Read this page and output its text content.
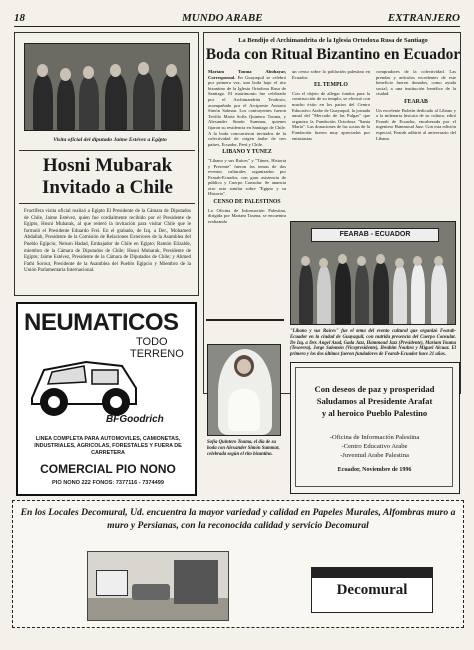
18	MUNDO ARABE	EXTRANJERO
Visita oficial del diputado Jaime Estévez a Egipto
Hosni Mubarak
Invitado a Chile
Fructífera visita oficial realizó a Egipto El Presidente de la Cámara de Diputados de Chile, Jaime Estévez, quien fue cordialmente recibido por el Presidente de Egipto, Hosni Mubarak, al que reiteró la invitación para visitar Chile que le formuló el Presidente Eduardo Frei. En el grabado, de Izq. a Der., Mohamed Abdallah, Presidente de la Comisión de Relaciones Exteriores de la Asamblea del Pueblo Egipcio; Nelson Hadad, Embajador de Chile en Egipto; Ramón Elizalde, miembro de la Cámara de Diputados de Chile; Hosni Mubarak, Presidente de Egipto; Jaime Estévez, Presidente de la Cámara de Diputados de Chile; y Ahmed Fathi Sorour, Presidente de la Asamblea del Pueblo Egipcio y Miembro de la Unión Parlamentaria Internacional.
NEUMATICOS
TODO
TERRENO
BFGoodrich
LINEA COMPLETA PARA AUTOMOVILES, CAMIONETAS, INDUSTRIALES, AGRICOLAS, FORESTALES Y FUERA DE CARRETERA
COMERCIAL PIO NONO
PIO NONO 222 FONOS: 7377116 - 7374499
La Bendijo el Archimandrita de la Iglesia Ortodoxa Rusa de Santiago
Boda con Ritual Bizantino en Ecuador

Mariam Touma Abuhayar, Corresponsal. En Guayaquil se celebró por primera vez, una boda bajo el rito bizantino de la Iglesia Ortodoxa Rusa de Santiago. El matrimonio fue celebrado por el Archimandrita Teodosio, acompañado por el Arcipreste Antonio Simón Salman. Los contrayentes fueron Teófilo María Sofía Quintero Touma, y Alexander Simón Summar, quienes fijaron su residencia en Santiago de Chile. A la boda concurrieron invitados de la colectividad de origen árabe de tres países, Ecuador, Perú y Chile.

LIBANO Y TUNEZ

"Líbano y sus Raíces" y "Túnez, Historia y Presente" fueron los temas de dos eventos culturales organizados por Fearab-Ecuador, con gran asistencia de público y Cuerpo Consular. Se anuncia otro acto similar sobre "Egipto y su Historia".

CENSO DE PALESTINOS

La Oficina de Información Palestina, dirigida por Mariam Touma, se encuentra realizando

un censo sobre la población palestina en Ecuador.

EL TEMPLO

Con el objeto de allegar fondos para la construcción de su templo, se efectuó con mucho éxito en los patios del Centro Educativo Arabe de Guayaquil, la jornada anual del "Mercado de las Pulgas" que organiza la Fundación Ortodoxa "Santa María". Las donaciones de las socias de la Fundación fueron muy apreciadas por entusiastas

compradores de la colectividad. Las prendas y artículos excedentes de este beneficio fueron donados, como ayuda social, a una institución benéfica de la ciudad.

FEARAB

Un excelente Boletín dedicado al Líbano y a la milenaria historia de su cultura, editó Fearab de Ecuador, encabezada por el ingeniero Hammoud Jazz. Con esta edición especial, Fearab adhirió al aniversario del Líbano.

FEARAB - ECUADOR
"Líbano y sus Raíces" fue el tema del evento cultural que organizó Fearab-Ecuador en la ciudad de Guayaquil, con nutrida presencia del Cuerpo Consular. De Izq. a Der. Angel Azad, Gada Jazz, Hammoud Jazz (Presidente), Mariam Touma (Tesorera), Jorge Salomón (Vicepresidente), Ibrahim Nouhra y Miguel Alcuaz. El primero y los dos últimos fueron fundadores de Fearab-Ecuador hace 21 años.
Sofía Quintero Touma, el día de su boda con Alexander Simón Summar, celebrada según el rito bizantino.
Con deseos de paz y prosperidad
Saludamos al Presidente Arafat
y al heroico Pueblo Palestino
-Oficina de Información Palestina
-Centro Educativo Arabe
-Juventud Arabe Palestina
Ecuador, Noviembre de 1996
En los Locales Decomural, Ud. encuentra la mayor variedad y calidad en Papeles Murales, Alfombras muro a muro y Persianas, con la reconocida calidad y servicio Decomural
Decomural
